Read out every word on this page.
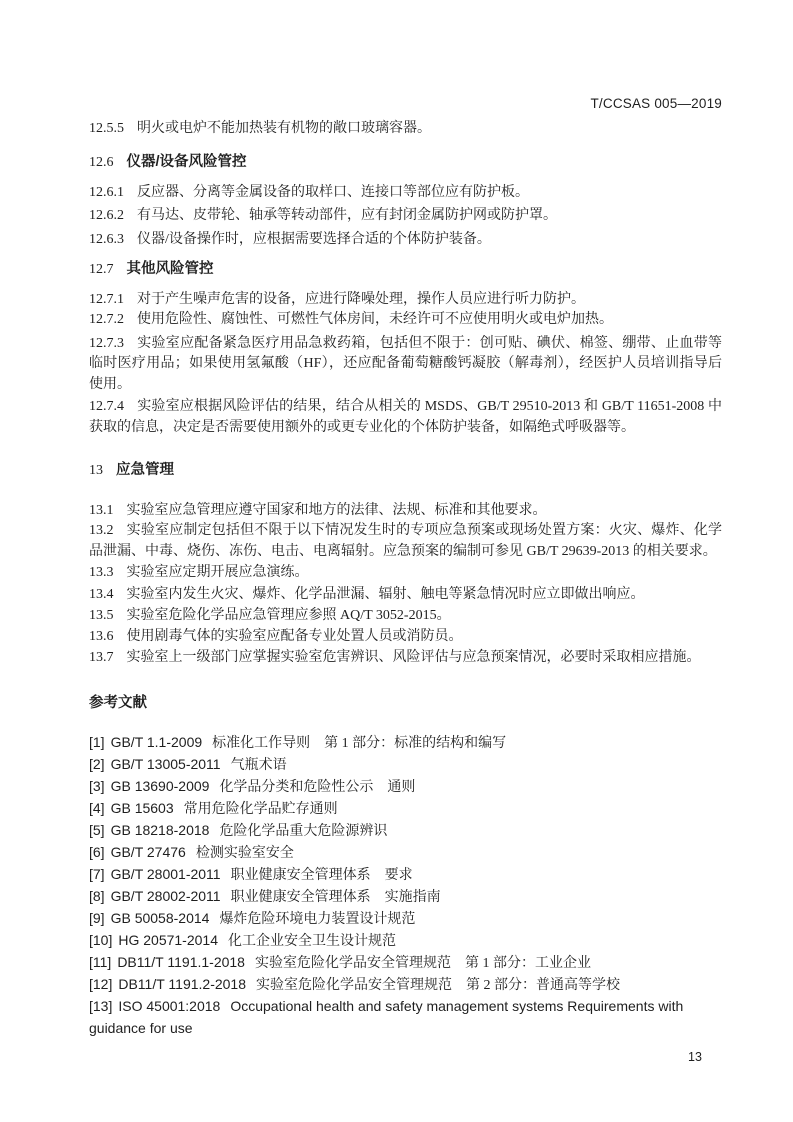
T/CCSAS 005—2019

12.5.5 明火或电炉不能加热装有机物的敞口玻璃容器。

12.6 仪器/设备风险管控

12.6.1 反应器、分离等金属设备的取样口、连接口等部位应有防护板。

12.6.2 有马达、皮带轮、轴承等转动部件，应有封闭金属防护网或防护罩。

12.6.3 仪器/设备操作时，应根据需要选择合适的个体防护装备。

12.7 其他风险管控

12.7.1 对于产生噪声危害的设备，应进行降噪处理，操作人员应进行听力防护。

12.7.2 使用危险性、腐蚀性、可燃性气体房间，未经许可不应使用明火或电炉加热。

12.7.3 实验室应配备紧急医疗用品急救药箱，包括但不限于：创可贴、碘伏、棉签、绷带、止血带等临时医疗用品；如果使用氢氟酸（HF），还应配备葡萄糖酸钙凝胶（解毒剂），经医护人员培训指导后使用。

12.7.4 实验室应根据风险评估的结果，结合从相关的 MSDS、GB/T 29510-2013 和 GB/T 11651-2008 中获取的信息，决定是否需要使用额外的或更专业化的个体防护装备，如隔绝式呼吸器等。

13 应急管理

13.1 实验室应急管理应遵守国家和地方的法律、法规、标准和其他要求。

13.2 实验室应制定包括但不限于以下情况发生时的专项应急预案或现场处置方案：火灾、爆炸、化学品泄漏、中毒、烧伤、冻伤、电击、电离辐射。应急预案的编制可参见 GB/T 29639-2013 的相关要求。

13.3 实验室应定期开展应急演练。

13.4 实验室内发生火灾、爆炸、化学品泄漏、辐射、触电等紧急情况时应立即做出响应。

13.5 实验室危险化学品应急管理应参照 AQ/T 3052-2015。

13.6 使用剧毒气体的实验室应配备专业处置人员或消防员。

13.7 实验室上一级部门应掌握实验室危害辨识、风险评估与应急预案情况，必要时采取相应措施。

参考文献

[1] GB/T 1.1-2009 标准化工作导则　第 1 部分：标准的结构和编写

[2] GB/T 13005-2011 气瓶术语

[3] GB 13690-2009 化学品分类和危险性公示　通则

[4] GB 15603 常用危险化学品贮存通则

[5] GB 18218-2018 危险化学品重大危险源辨识

[6] GB/T 27476 检测实验室安全

[7] GB/T 28001-2011 职业健康安全管理体系　要求

[8] GB/T 28002-2011 职业健康安全管理体系　实施指南

[9] GB 50058-2014 爆炸危险环境电力装置设计规范

[10] HG 20571-2014 化工企业安全卫生设计规范

[11] DB11/T 1191.1-2018 实验室危险化学品安全管理规范　第 1 部分：工业企业

[12] DB11/T 1191.2-2018 实验室危险化学品安全管理规范　第 2 部分：普通高等学校

[13] ISO 45001:2018 Occupational health and safety management systems Requirements with guidance for use

13
